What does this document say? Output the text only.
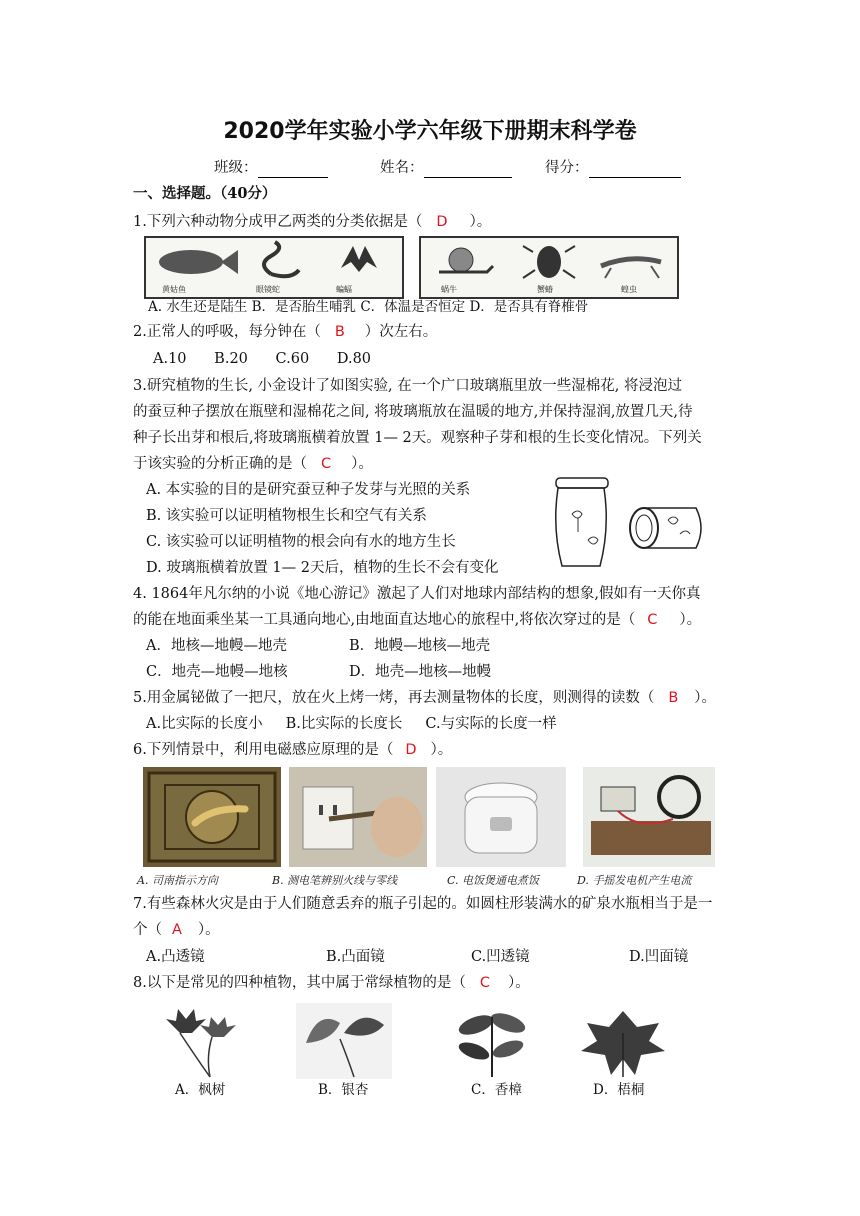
2020学年实验小学六年级下册期末科学卷
班级：	姓名：	得分：
一、选择题。（40分）
1.下列六种动物分成甲乙两类的分类依据是（ D ）。
黄姑鱼	眼镜蛇	蝙蝠	蜗牛	蟹蝽	蝗虫
A. 水生还是陆生 B．是否胎生哺乳 C．体温是否恒定 D．是否具有脊椎骨
2.正常人的呼吸，每分钟在（ B ）次左右。
A.10      B.20      C.60      D.80
3.研究植物的生长, 小金设计了如图实验, 在一个广口玻璃瓶里放一些湿棉花, 将浸泡过
的蚕豆种子摆放在瓶壁和湿棉花之间, 将玻璃瓶放在温暖的地方,并保持湿润,放置几天,待
种子长出芽和根后,将玻璃瓶横着放置 1— 2天。观察种子芽和根的生长变化情况。下列关
于该实验的分析正确的是（ C ）。
A. 本实验的目的是研究蚕豆种子发芽与光照的关系
B. 该实验可以证明植物根生长和空气有关系
C. 该实验可以证明植物的根会向有水的地方生长
D. 玻璃瓶横着放置 1— 2天后，植物的生长不会有变化
4. 1864年凡尔纳的小说《地心游记》激起了人们对地球内部结构的想象,假如有一天你真
的能在地面乘坐某一工具通向地心,由地面直达地心的旅程中,将依次穿过的是（ C ）。
A．地核—地幔—地壳	B．地幔—地核—地壳
C．地壳—地幔—地核	D．地壳—地核—地幔
5.用金属铋做了一把尺，放在火上烤一烤，再去测量物体的长度，则测得的读数（ B ）。
A.比实际的长度小     B.比实际的长度长     C.与实际的长度一样
6.下列情景中，利用电磁感应原理的是（ D ）。
A. 司南指示方向	B. 测电笔辨别火线与零线	C. 电饭煲通电煮饭	D. 手摇发电机产生电流
7.有些森林火灾是由于人们随意丢弃的瓶子引起的。如圆柱形装满水的矿泉水瓶相当于是一
个（ A ）。
A.凸透镜	B.凸面镜	C.凹透镜	D.凹面镜
8.以下是常见的四种植物，其中属于常绿植物的是（ C ）。
A．枫树	B．银杏	C．香樟	D．梧桐
